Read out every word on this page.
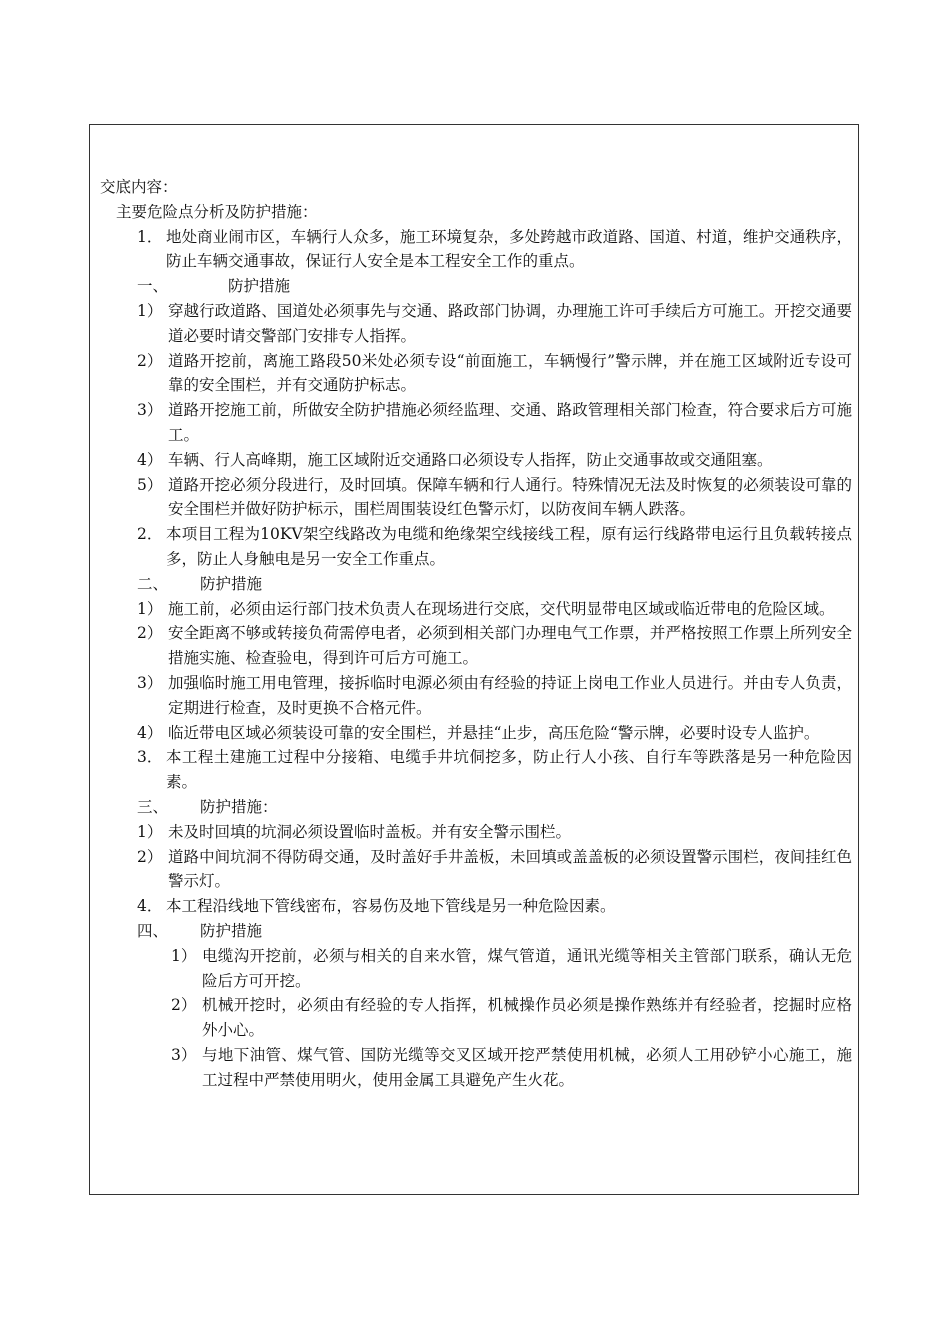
交底内容：

主要危险点分析及防护措施：

1． 地处商业闹市区，车辆行人众多，施工环境复杂，多处跨越市政道路、国道、村道，维护交通秩序，防止车辆交通事故，保证行人安全是本工程安全工作的重点。
一、	防护措施
1） 穿越行政道路、国道处必须事先与交通、路政部门协调，办理施工许可手续后方可施工。开挖交通要道必要时请交警部门安排专人指挥。
2） 道路开挖前，离施工路段50米处必须专设“前面施工，车辆慢行”警示牌，并在施工区域附近专设可靠的安全围栏，并有交通防护标志。
3） 道路开挖施工前，所做安全防护措施必须经监理、交通、路政管理相关部门检查，符合要求后方可施工。
4） 车辆、行人高峰期，施工区域附近交通路口必须设专人指挥，防止交通事故或交通阻塞。
5） 道路开挖必须分段进行，及时回填。保障车辆和行人通行。特殊情况无法及时恢复的必须装设可靠的安全围栏并做好防护标示，围栏周围装设红色警示灯，以防夜间车辆人跌落。
2． 本项目工程为10KV架空线路改为电缆和绝缘架空线接线工程，原有运行线路带电运行且负载转接点多，防止人身触电是另一安全工作重点。
二、	防护措施
1） 施工前，必须由运行部门技术负责人在现场进行交底，交代明显带电区域或临近带电的危险区域。
2） 安全距离不够或转接负荷需停电者，必须到相关部门办理电气工作票，并严格按照工作票上所列安全措施实施、检查验电，得到许可后方可施工。
3） 加强临时施工用电管理，接拆临时电源必须由有经验的持证上岗电工作业人员进行。并由专人负责，定期进行检查，及时更换不合格元件。
4） 临近带电区域必须装设可靠的安全围栏，并悬挂“止步，高压危险“警示牌，必要时设专人监护。
3． 本工程土建施工过程中分接箱、电缆手井坑侗挖多，防止行人小孩、自行车等跌落是另一种危险因素。
三、	防护措施：
1） 未及时回填的坑洞必须设置临时盖板。并有安全警示围栏。
2） 道路中间坑洞不得防碍交通，及时盖好手井盖板，未回填或盖盖板的必须设置警示围栏，夜间挂红色警示灯。
4． 本工程沿线地下管线密布，容易伤及地下管线是另一种危险因素。
四、	防护措施
1） 电缆沟开挖前，必须与相关的自来水管，煤气管道，通讯光缆等相关主管部门联系，确认无危险后方可开挖。
2） 机械开挖时，必须由有经验的专人指挥，机械操作员必须是操作熟练并有经验者，挖掘时应格外小心。
3） 与地下油管、煤气管、国防光缆等交叉区域开挖严禁使用机械，必须人工用砂铲小心施工，施工过程中严禁使用明火，使用金属工具避免产生火花。
